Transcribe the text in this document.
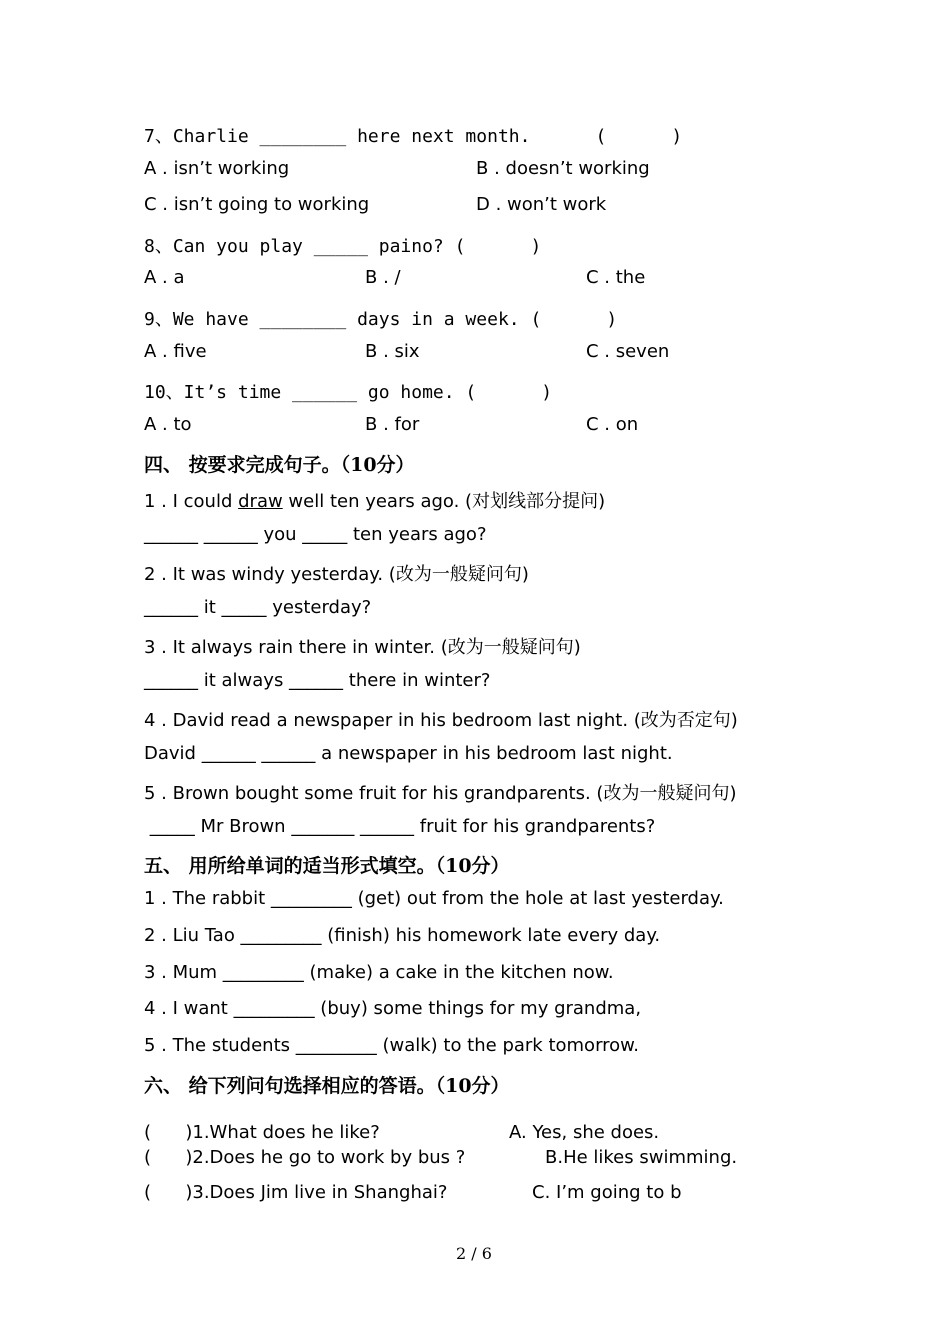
7、Charlie ________ here next month.      (      )
A . isn’t working	B . doesn’t working
C . isn’t going to working	D . won’t work
8、Can you play _____ paino? (      )
A . a	B . /	C . the
9、We have ________ days in a week. (      )
A . five	B . six	C . seven
10、It’s time ______ go home. (      )
A . to	B . for	C . on
四、 按要求完成句子。（10分）
1 . I could draw well ten years ago. (对划线部分提问)
______ ______ you _____ ten years ago?
2 . It was windy yesterday. (改为一般疑问句)
______ it _____ yesterday?
3 . It always rain there in winter. (改为一般疑问句)
______ it always ______ there in winter?
4 . David read a newspaper in his bedroom last night. (改为否定句)
David ______ ______ a newspaper in his bedroom last night.
5 . Brown bought some fruit for his grandparents. (改为一般疑问句)
_____ Mr Brown _______ ______ fruit for his grandparents?
五、 用所给单词的适当形式填空。（10分）
1 . The rabbit _________ (get) out from the hole at last yesterday.
2 . Liu Tao _________ (finish) his homework late every day.
3 . Mum _________ (make) a cake in the kitchen now.
4 . I want _________ (buy) some things for my grandma,
5 . The students _________ (walk) to the park tomorrow.
六、 给下列问句选择相应的答语。（10分）
(      )1.What does he like?	A. Yes, she does.
(      )2.Does he go to work by bus ?	B.He likes swimming.
(      )3.Does Jim live in Shanghai?	C. I’m going to b
2 / 6
